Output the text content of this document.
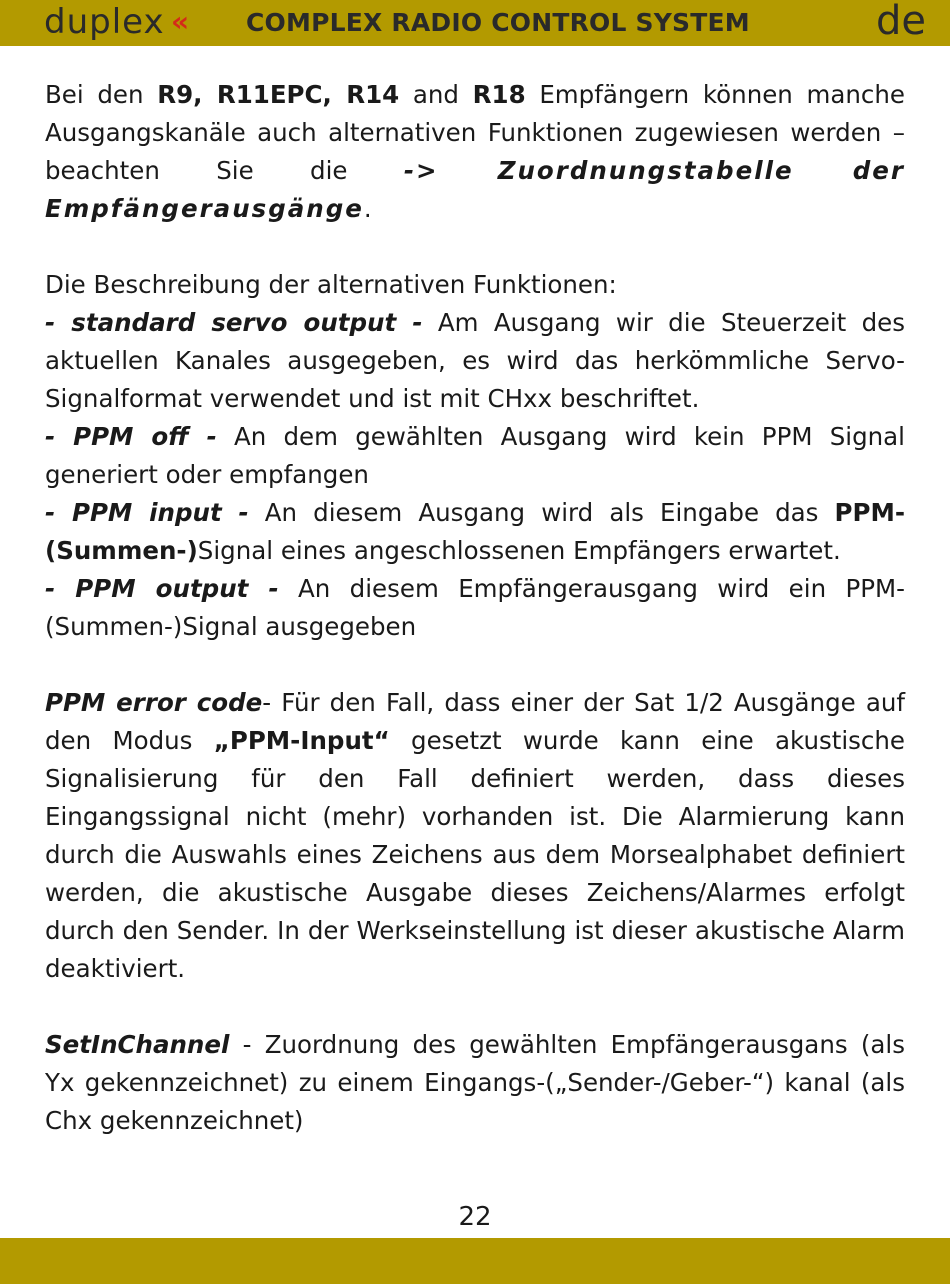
duplex « COMPLEX RADIO CONTROL SYSTEM	de

Bei den R9, R11EPC, R14 and R18 Empfängern können manche Ausgangskanäle auch alternativen Funktionen zugewiesen werden – beachten Sie die -> Zuordnungstabelle der Empfängerausgänge.

Die Beschreibung der alternativen Funktionen:

- standard servo output - Am Ausgang wir die Steuerzeit des aktuellen Kanales ausgegeben, es wird das herkömmliche Servo-Signalformat verwendet und ist mit CHxx beschriftet.

- PPM off - An dem gewählten Ausgang wird kein PPM Signal generiert oder empfangen

- PPM input - An diesem Ausgang wird als Eingabe das PPM-(Summen-)Signal eines angeschlossenen Empfängers erwartet.

- PPM output - An diesem Empfängerausgang wird ein PPM-(Summen-)Signal ausgegeben

PPM error code- Für den Fall, dass einer der Sat 1/2 Ausgänge auf den Modus „PPM-Input“ gesetzt wurde kann eine akustische Signalisierung für den Fall definiert werden, dass dieses Eingangssignal nicht (mehr) vorhanden ist. Die Alarmierung kann durch die Auswahls eines Zeichens aus dem Morsealphabet definiert werden, die akustische Ausgabe dieses Zeichens/Alarmes erfolgt durch den Sender. In der Werkseinstellung ist dieser akustische Alarm deaktiviert.

SetInChannel - Zuordnung des gewählten Empfängerausgans (als Yx gekennzeichnet) zu einem Eingangs-(„Sender-/Geber-“) kanal (als Chx gekennzeichnet)

22
